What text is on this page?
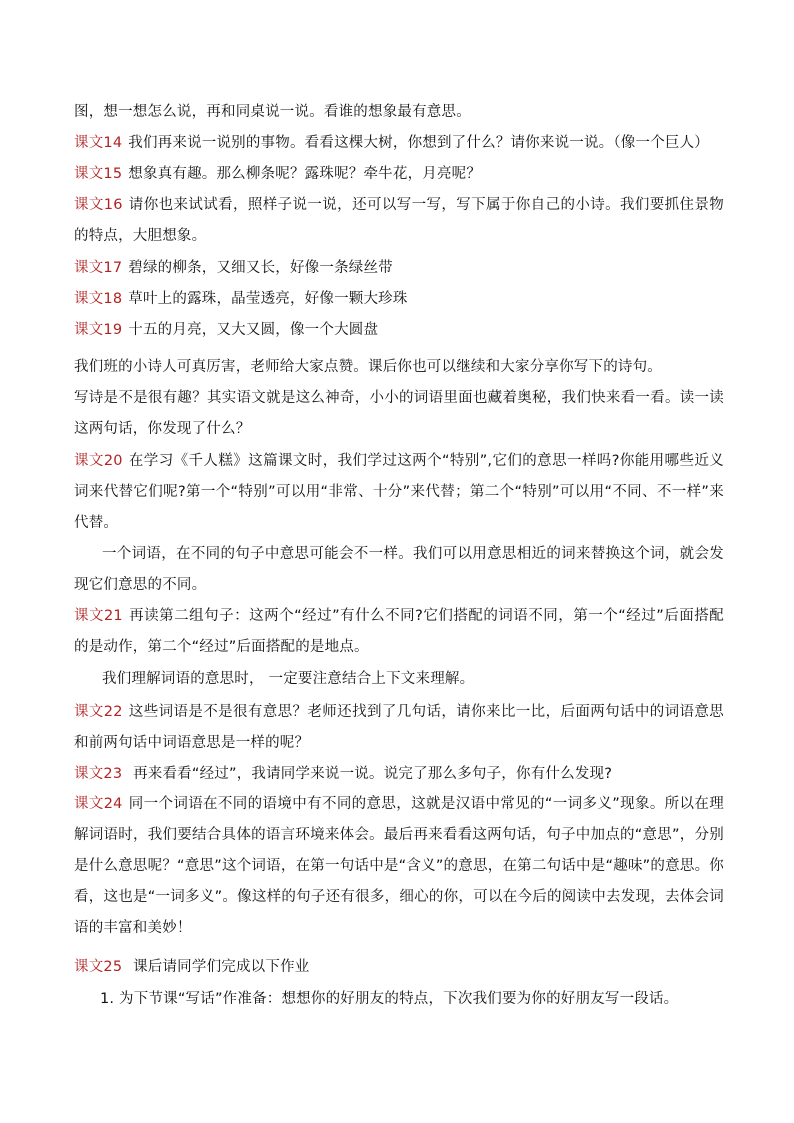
图，想一想怎么说，再和同桌说一说。看谁的想象最有意思。
课文14 我们再来说一说别的事物。看看这棵大树，你想到了什么？请你来说一说。（像一个巨人）
课文15 想象真有趣。那么柳条呢？露珠呢？牵牛花，月亮呢？
课文16 请你也来试试看，照样子说一说，还可以写一写，写下属于你自己的小诗。我们要抓住景物的特点，大胆想象。
课文17 碧绿的柳条，又细又长，好像一条绿丝带
课文18 草叶上的露珠，晶莹透亮，好像一颗大珍珠
课文19 十五的月亮，又大又圆，像一个大圆盘
我们班的小诗人可真厉害，老师给大家点赞。课后你也可以继续和大家分享你写下的诗句。
写诗是不是很有趣？其实语文就是这么神奇，小小的词语里面也藏着奥秘，我们快来看一看。读一读这两句话，你发现了什么？
课文20 在学习《千人糕》这篇课文时，我们学过这两个“特别”,它们的意思一样吗?你能用哪些近义词来代替它们呢?第一个“特别”可以用“非常、十分”来代替；第二个“特别”可以用“不同、不一样”来代替。
一个词语，在不同的句子中意思可能会不一样。我们可以用意思相近的词来替换这个词，就会发现它们意思的不同。
课文21 再读第二组句子：这两个“经过”有什么不同?它们搭配的词语不同，第一个“经过”后面搭配的是动作，第二个“经过”后面搭配的是地点。
我们理解词语的意思时， 一定要注意结合上下文来理解。
课文22 这些词语是不是很有意思？老师还找到了几句话，请你来比一比，后面两句话中的词语意思和前两句话中词语意思是一样的呢？
课文23 再来看看“经过”，我请同学来说一说。说完了那么多句子，你有什么发现?
课文24 同一个词语在不同的语境中有不同的意思，这就是汉语中常见的“一词多义”现象。所以在理解词语时，我们要结合具体的语言环境来体会。最后再来看看这两句话，句子中加点的“意思”，分别是什么意思呢？“意思”这个词语，在第一句话中是“含义”的意思，在第二句话中是“趣味”的意思。你看，这也是“一词多义”。像这样的句子还有很多，细心的你，可以在今后的阅读中去发现，去体会词语的丰富和美妙！
课文25 课后请同学们完成以下作业
1. 为下节课“写话”作准备：想想你的好朋友的特点，下次我们要为你的好朋友写一段话。
